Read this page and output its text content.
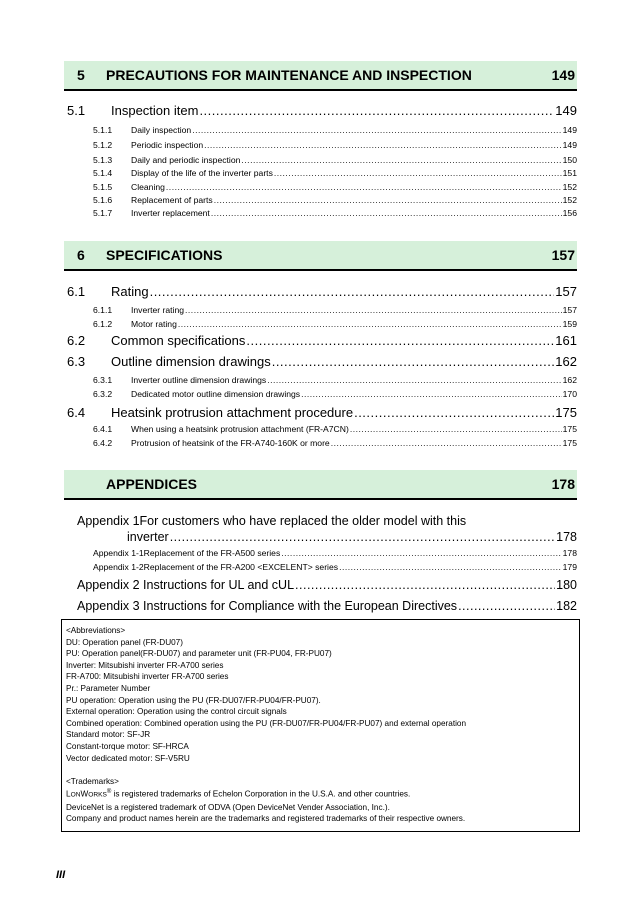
5 PRECAUTIONS FOR MAINTENANCE AND INSPECTION	149
5.1	Inspection item .....	149
5.1.1	Daily inspection .....	149
5.1.2	Periodic inspection .....	149
5.1.3	Daily and periodic inspection .....	150
5.1.4	Display of the life of the inverter parts .....	151
5.1.5	Cleaning .....	152
5.1.6	Replacement of parts .....	152
5.1.7	Inverter replacement .....	156
6 SPECIFICATIONS	157
6.1	Rating .....	157
6.1.1	Inverter rating .....	157
6.1.2	Motor rating .....	159
6.2	Common specifications .....	161
6.3	Outline dimension drawings .....	162
6.3.1	Inverter outline dimension drawings .....	162
6.3.2	Dedicated motor outline dimension drawings .....	170
6.4	Heatsink protrusion attachment procedure .....	175
6.4.1	When using a heatsink protrusion attachment (FR-A7CN) .....	175
6.4.2	Protrusion of heatsink of the FR-A740-160K or more .....	175
APPENDICES	178
Appendix 1For customers who have replaced the older model with this
inverter .....	178
Appendix 1-1Replacement of the FR-A500 series .....	178
Appendix 1-2Replacement of the FR-A200 <EXCELENT> series .....	179
Appendix 2 Instructions for UL and cUL .....	180
Appendix 3 Instructions for Compliance with the European Directives .....	182
<Abbreviations>
DU: Operation panel (FR-DU07)
PU: Operation panel(FR-DU07) and parameter unit (FR-PU04, FR-PU07)
Inverter: Mitsubishi inverter FR-A700 series
FR-A700: Mitsubishi inverter FR-A700 series
Pr.: Parameter Number
PU operation: Operation using the PU (FR-DU07/FR-PU04/FR-PU07).
External operation: Operation using the control circuit signals
Combined operation: Combined operation using the PU (FR-DU07/FR-PU04/FR-PU07) and external operation
Standard motor: SF-JR
Constant-torque motor: SF-HRCA
Vector dedicated motor: SF-V5RU
<Trademarks>
LONWORKS® is registered trademarks of Echelon Corporation in the U.S.A. and other countries.
DeviceNet is a registered trademark of ODVA (Open DeviceNet Vender Association, Inc.).
Company and product names herein are the trademarks and registered trademarks of their respective owners.
III
